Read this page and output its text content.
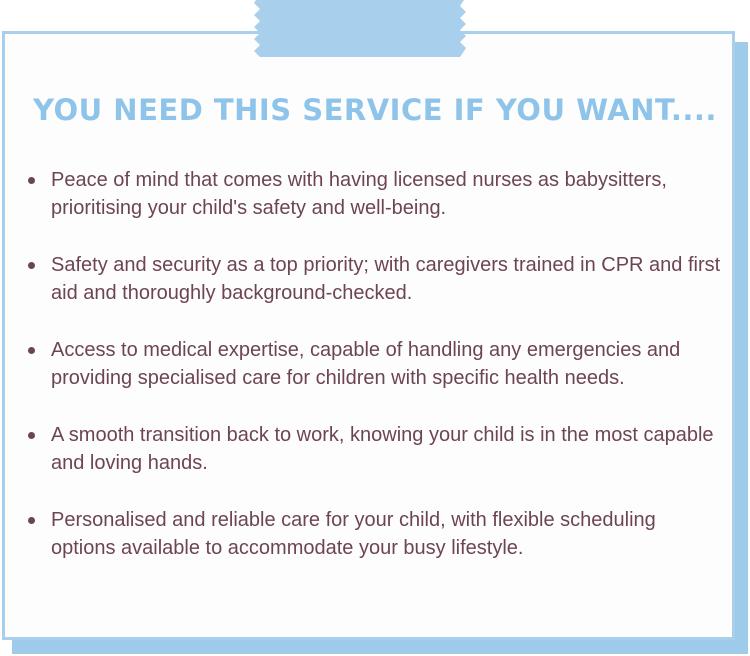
YOU NEED THIS SERVICE IF YOU WANT....
Peace of mind that comes with having licensed nurses as babysitters, prioritising your child's safety and well-being.
Safety and security as a top priority; with caregivers trained in CPR and first aid and thoroughly background-checked.
Access to medical expertise, capable of handling any emergencies and providing specialised care for children with specific health needs.
A smooth transition back to work, knowing your child is in the most capable and loving hands.
Personalised and reliable care for your child, with flexible scheduling options available to accommodate your busy lifestyle.
